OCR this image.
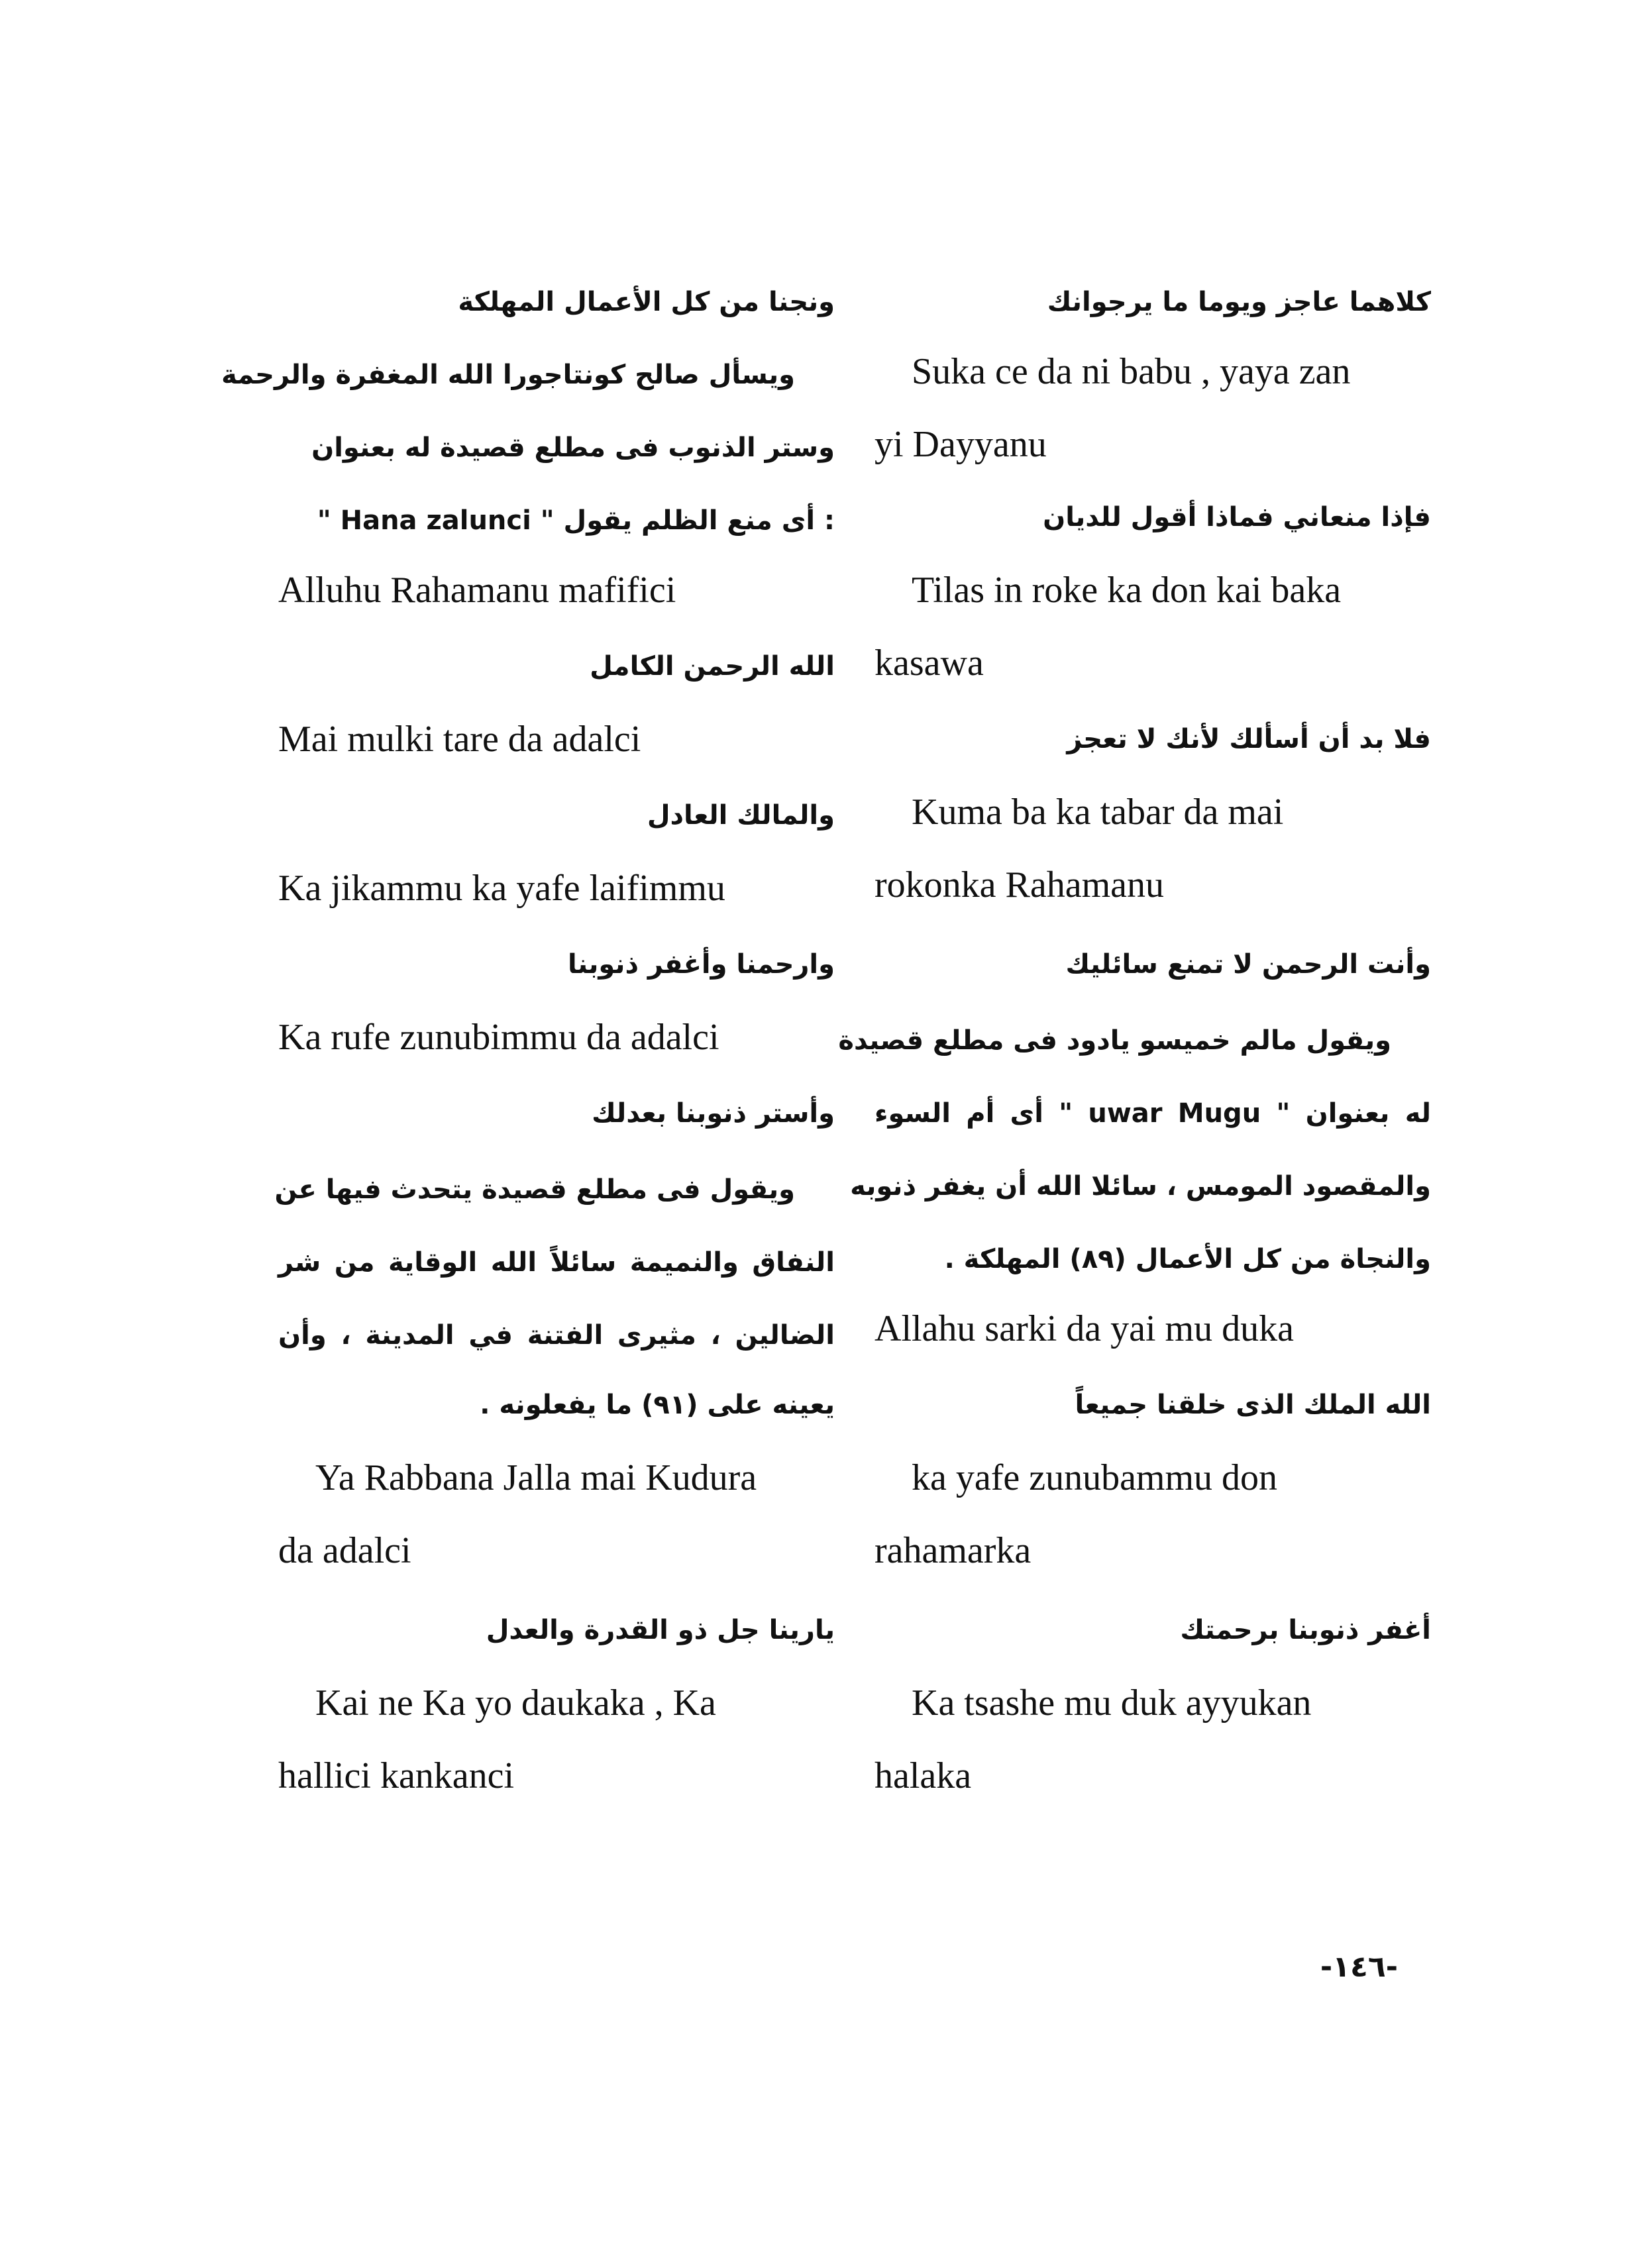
كلاهما عاجز ويوما ما يرجوانك
Suka ce da ni babu , yaya zan
yi Dayyanu
فإذا منعاني فماذا أقول للديان
Tilas in roke ka don kai baka
kasawa
فلا بد أن أسألك لأنك لا تعجز
Kuma ba ka tabar da mai
rokonka Rahamanu
وأنت الرحمن لا تمنع سائليك
ويقول مالم خميسو يادود فى مطلع قصيدة
له بعنوان " uwar Mugu " أى أم السوء
والمقصود المومس ، سائلا الله أن يغفر ذنوبه
والنجاة من كل الأعمال (٨٩) المهلكة .
Allahu sarki da yai mu duka
الله الملك الذى خلقنا جميعاً
ka yafe zunubammu don
rahamarka
أغفر ذنوبنا برحمتك
Ka tsashe mu duk ayyukan
halaka
ونجنا من كل الأعمال المهلكة
ويسأل صالح كونتاجورا الله المغفرة والرحمة
وستر الذنوب فى مطلع قصيدة له بعنوان
" Hana zalunci " أى منع الظلم يقول :
Alluhu Rahamanu mafifici
الله الرحمن الكامل
Mai mulki tare da adalci
والمالك العادل
Ka jikammu ka yafe laifimmu
وارحمنا وأغفر ذنوبنا
Ka rufe zunubimmu da adalci
وأستر ذنوبنا بعدلك
ويقول فى مطلع قصيدة يتحدث فيها عن
النفاق والنميمة سائلاً الله الوقاية من شر
الضالين ، مثيرى الفتنة في المدينة ، وأن
يعينه على (٩١) ما يفعلونه .
Ya Rabbana Jalla mai Kudura
da adalci
يارينا جل ذو القدرة والعدل
Kai ne Ka yo daukaka , Ka
hallici kankanci
-١٤٦-
